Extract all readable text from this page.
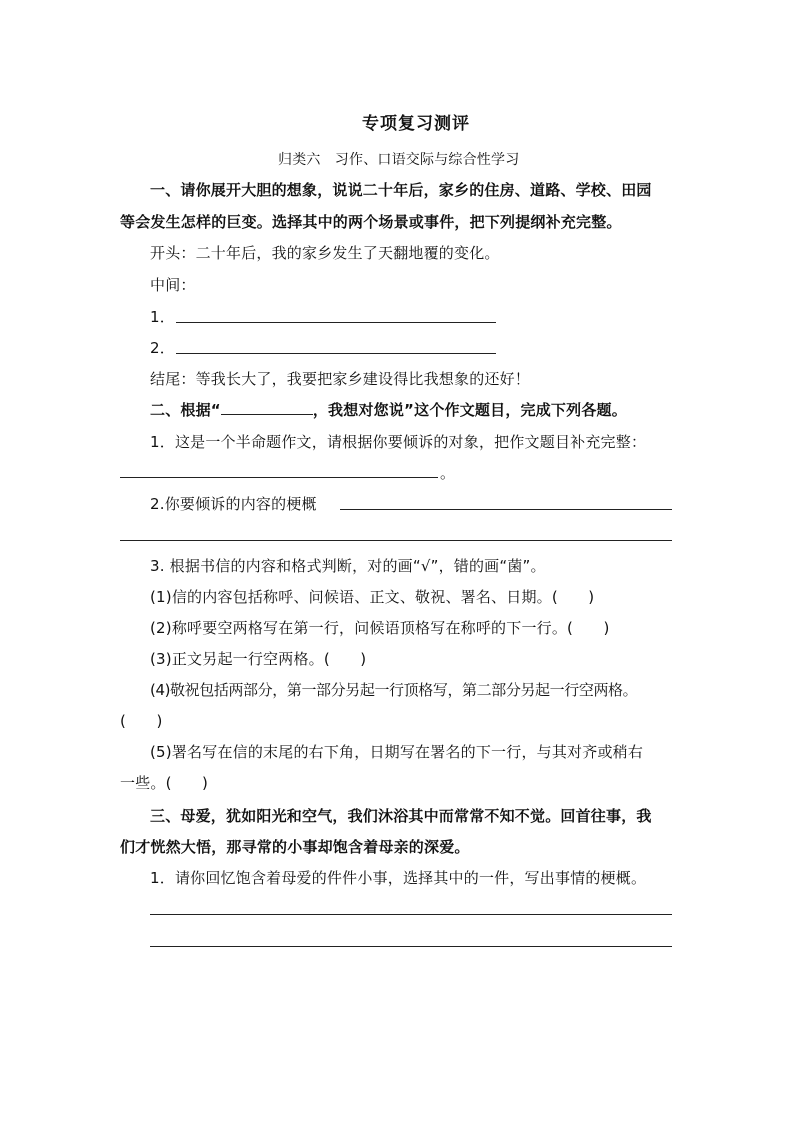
专项复习测评
归类六　习作、口语交际与综合性学习
一、请你展开大胆的想象，说说二十年后，家乡的住房、道路、学校、田园
等会发生怎样的巨变。选择其中的两个场景或事件，把下列提纲补充完整。
开头：二十年后，我的家乡发生了天翻地覆的变化。
中间：
1．
2．
结尾：等我长大了，我要把家乡建设得比我想象的还好！
二、根据“	，我想对您说”这个作文题目，完成下列各题。
1．这是一个半命题作文，请根据你要倾诉的对象，把作文题目补充完整：
。
2.你要倾诉的内容的梗概
3. 根据书信的内容和格式判断，对的画“√”，错的画“菌”。
(1)信的内容包括称呼、问候语、正文、敬祝、署名、日期。(　　)
(2)称呼要空两格写在第一行，问候语顶格写在称呼的下一行。(　　)
(3)正文另起一行空两格。(　　)
(4)敬祝包括两部分，第一部分另起一行顶格写，第二部分另起一行空两格。
(　　)
(5)署名写在信的末尾的右下角，日期写在署名的下一行，与其对齐或稍右
一些。(　　)
三、母爱，犹如阳光和空气，我们沐浴其中而常常不知不觉。回首往事，我
们才恍然大悟，那寻常的小事却饱含着母亲的深爱。
1．请你回忆饱含着母爱的件件小事，选择其中的一件，写出事情的梗概。
